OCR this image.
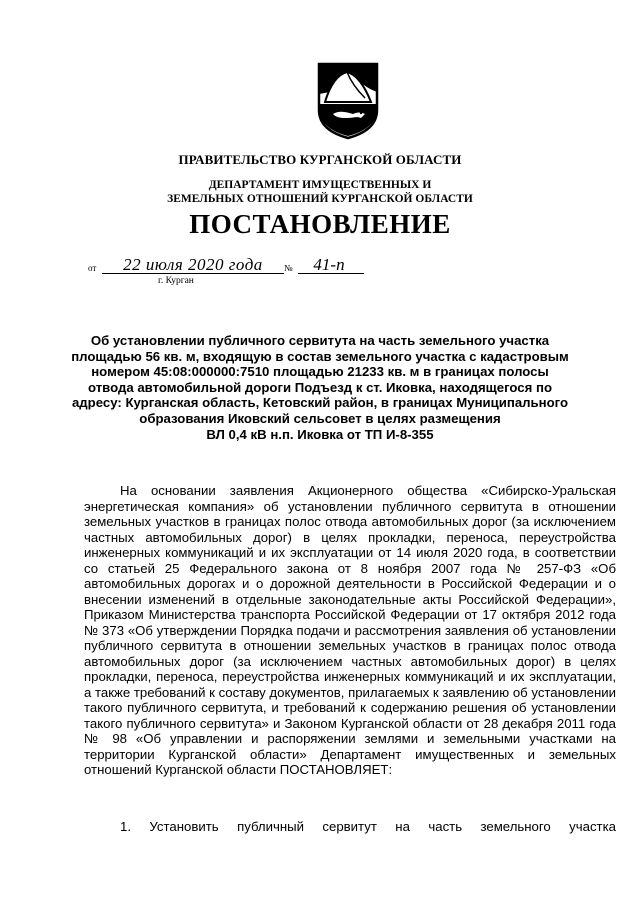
ПРАВИТЕЛЬСТВО КУРГАНСКОЙ ОБЛАСТИ
ДЕПАРТАМЕНТ ИМУЩЕСТВЕННЫХ И
ЗЕМЕЛЬНЫХ ОТНОШЕНИЙ КУРГАНСКОЙ ОБЛАСТИ
ПОСТАНОВЛЕНИЕ
от	22 июля 2020 года	№	41-п
г. Курган
Об установлении публичного сервитута на часть земельного участка
площадью 56 кв. м, входящую в состав земельного участка с кадастровым
номером 45:08:000000:7510 площадью 21233 кв. м в границах полосы
отвода автомобильной дороги Подъезд к ст. Иковка, находящегося по
адресу: Курганская область, Кетовский район, в границах Муниципального
образования Иковский сельсовет в целях размещения
ВЛ 0,4 кВ н.п. Иковка от ТП И-8-355

На основании заявления Акционерного общества «Сибирско-Уральская энергетическая компания» об установлении публичного сервитута в отношении земельных участков в границах полос отвода автомобильных дорог (за исключением частных автомобильных дорог) в целях прокладки, переноса, переустройства инженерных коммуникаций и их эксплуатации от 14 июля 2020 года, в соответствии со статьей 25 Федерального закона от 8 ноября 2007 года № 257-ФЗ «Об автомобильных дорогах и о дорожной деятельности в Российской Федерации и о внесении изменений в отдельные законодательные акты Российской Федерации», Приказом Министерства транспорта Российской Федерации от 17 октября 2012 года № 373 «Об утверждении Порядка подачи и рассмотрения заявления об установлении публичного сервитута в отношении земельных участков в границах полос отвода автомобильных дорог (за исключением частных автомобильных дорог) в целях прокладки, переноса, переустройства инженерных коммуникаций и их эксплуатации, а также требований к составу документов, прилагаемых к заявлению об установлении такого публичного сервитута, и требований к содержанию решения об установлении такого публичного сервитута» и Законом Курганской области от 28 декабря 2011 года № 98 «Об управлении и распоряжении землями и земельными участками на территории Курганской области» Департамент имущественных и земельных отношений Курганской области ПОСТАНОВЛЯЕТ:

1. Установить публичный сервитут на часть земельного участка
